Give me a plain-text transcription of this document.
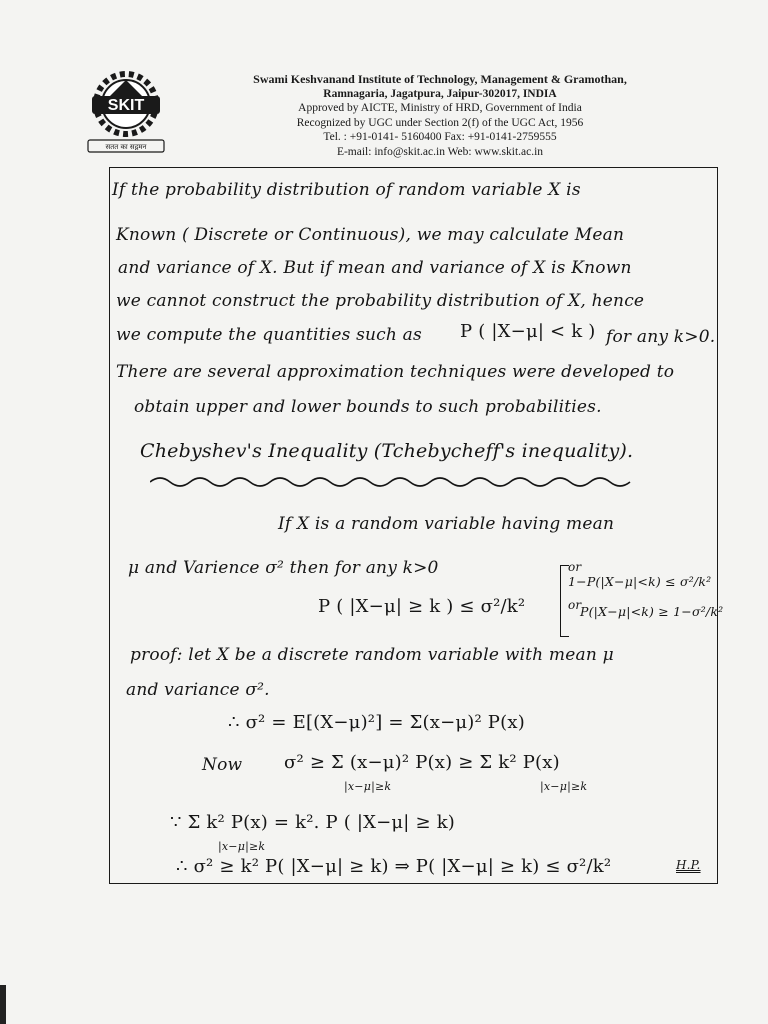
SKIT
सतत का सद्गमन
Swami Keshvanand Institute of Technology, Management & Gramothan,
Ramnagaria, Jagatpura, Jaipur-302017, INDIA
Approved by AICTE, Ministry of HRD, Government of India
Recognized by UGC under Section 2(f) of the UGC Act, 1956
Tel. : +91-0141- 5160400 Fax: +91-0141-2759555
E-mail: info@skit.ac.in Web: www.skit.ac.in
If the probability distribution of random variable X is
Known ( Discrete or Continuous), we may calculate Mean
and variance of X. But if mean and variance of X is Known
we cannot construct the probability distribution of X, hence
we compute the quantities such as P ( |X−μ| < k ) for any k>0.
There are several approximation techniques were developed to
obtain upper and lower bounds to such probabilities.
Chebyshev's Inequality (Tchebycheff's inequality).
If X is a random variable having mean
μ and Varience σ² then for any k>0
P ( |X−μ| ≥ k ) ≤ σ²/k²
or
1−P(|X−μ|<k) ≤ σ²/k²
or
P(|X−μ|<k) ≥ 1−σ²/k²
proof: let X be a discrete random variable with mean μ
and variance σ².
∴ σ² = E[(X−μ)²] = Σ(x−μ)² P(x)
Now σ² ≥ Σ (x−μ)² P(x) ≥ Σ k² P(x)
|x−μ|≥k	|x−μ|≥k
∵ Σ k² P(x) = k². P ( |X−μ| ≥ k)
|x−μ|≥k
∴ σ² ≥ k² P( |X−μ| ≥ k) ⇒ P( |X−μ| ≥ k) ≤ σ²/k²	H.P.
